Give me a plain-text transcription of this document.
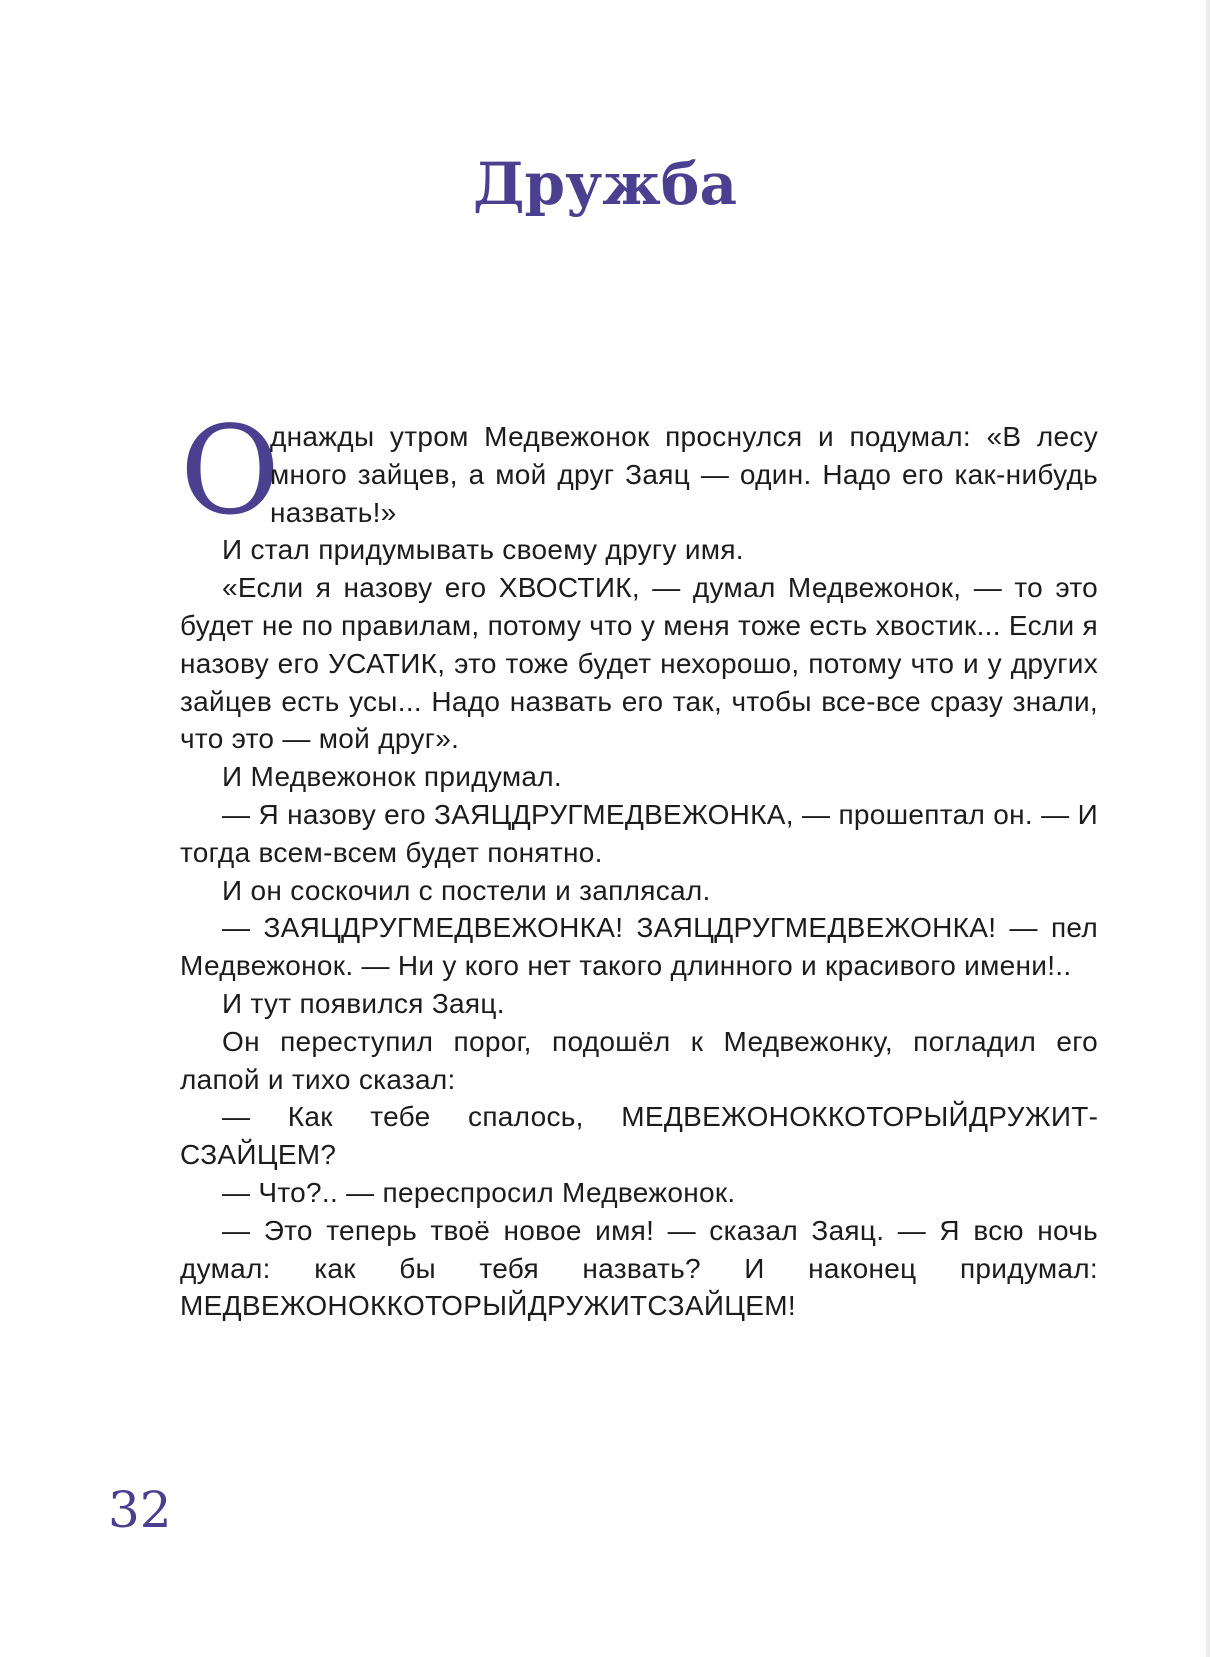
Дружба
О

днажды утром Медвежонок проснулся и подумал: «В лесу много зайцев, а мой друг Заяц — один. Надо его как-нибудь назвать!»

И стал придумывать своему другу имя.

«Если я назову его ХВОСТИК, — думал Медвежонок, — то это будет не по правилам, потому что у меня тоже есть хвостик... Если я назову его УСАТИК, это тоже будет нехорошо, потому что и у других зайцев есть усы... Надо назвать его так, чтобы все-все сразу знали, что это — мой друг».

И Медвежонок придумал.

— Я назову его ЗАЯЦДРУГМЕДВЕЖОНКА, — прошептал он. — И тогда всем-всем будет понятно.

И он соскочил с постели и заплясал.

— ЗАЯЦДРУГМЕДВЕЖОНКА! ЗАЯЦДРУГМЕДВЕЖОНКА! — пел Медвежонок. — Ни у кого нет такого длинного и красивого имени!..

И тут появился Заяц.

Он переступил порог, подошёл к Медвежонку, погладил его лапой и тихо сказал:

— Как тебе спалось, МЕДВЕЖОНОККОТОРЫЙДРУЖИТСЗАЙЦЕМ?

— Что?.. — переспросил Медвежонок.

— Это теперь твоё новое имя! — сказал Заяц. — Я всю ночь думал: как бы тебя назвать? И наконец придумал: МЕДВЕЖОНОККОТОРЫЙДРУЖИТСЗАЙЦЕМ!

32
